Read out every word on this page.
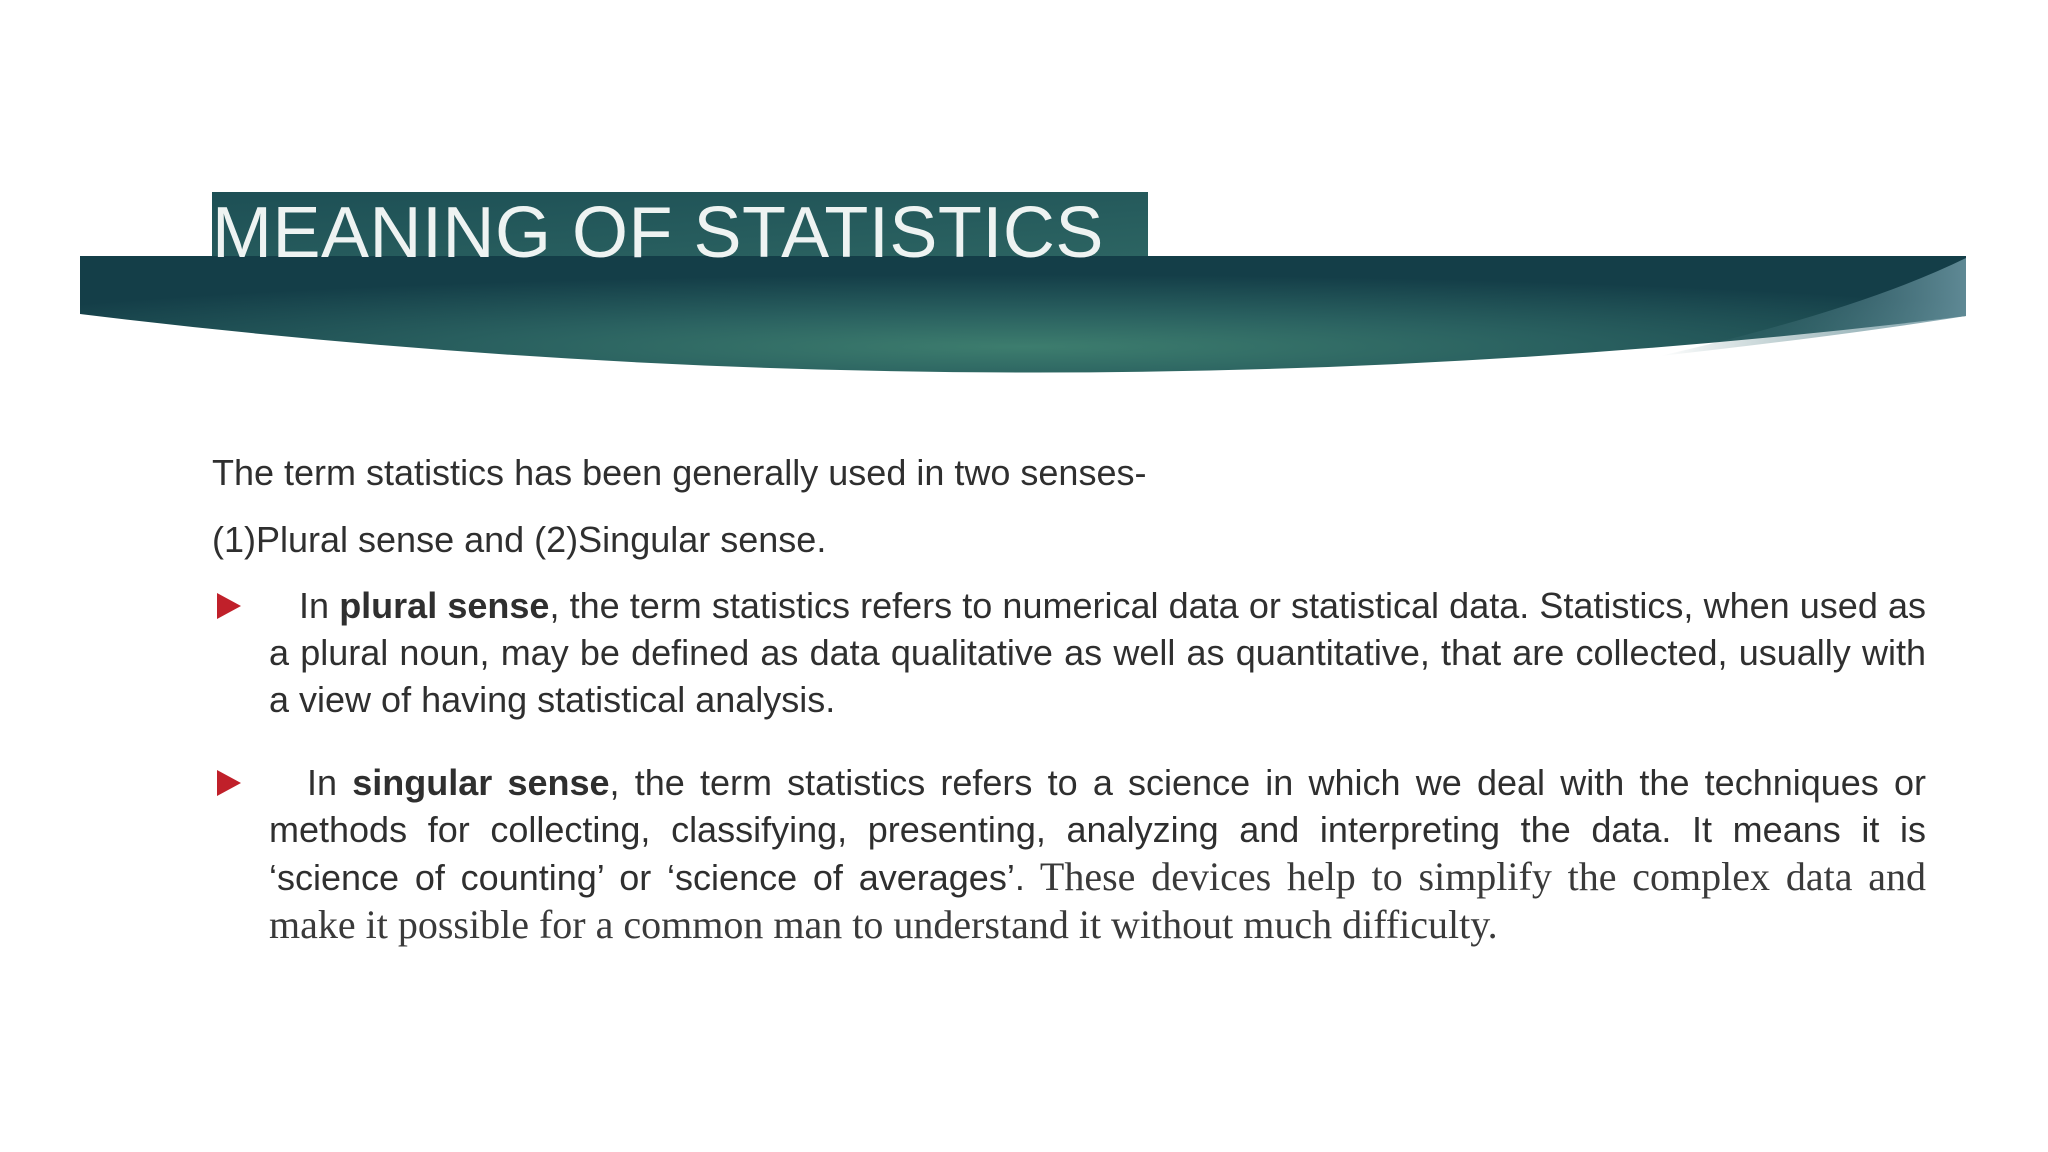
MEANING OF STATISTICS

The term statistics has been generally used in two senses-

(1)Plural sense and (2)Singular sense.

In plural sense, the term statistics refers to numerical data or statistical data. Statistics, when used as a plural noun, may be defined as data qualitative as well as quantitative, that are collected, usually with a view of having statistical analysis.

In singular sense, the term statistics refers to a science in which we deal with the techniques or methods for collecting, classifying, presenting, analyzing and interpreting the data. It means it is ‘science of counting’ or ‘science of averages’. These devices help to simplify the complex data and make it possible for a common man to understand it without much difficulty.
